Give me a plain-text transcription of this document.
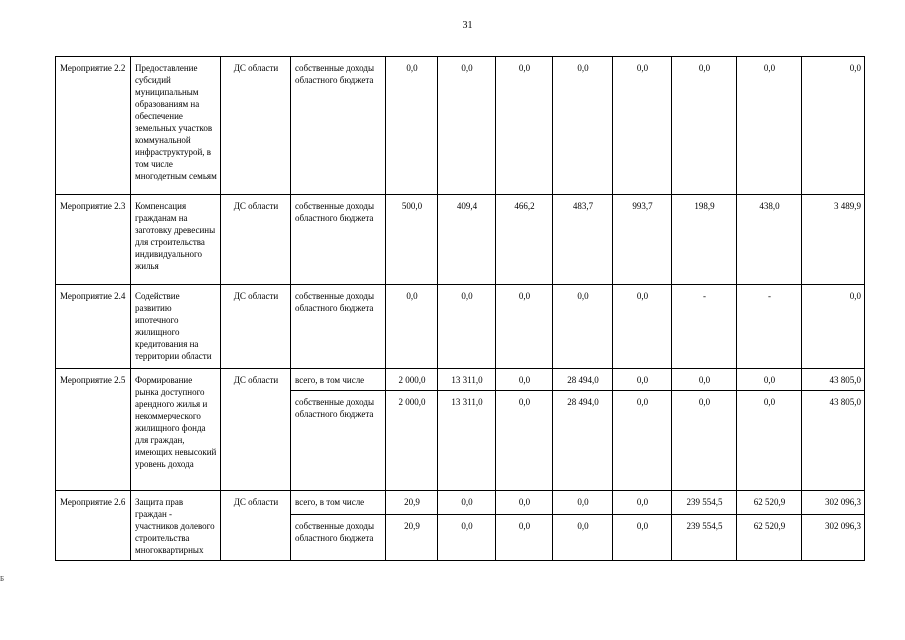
31
Мероприятие 2.2	Предоставление субсидий муниципальным образованиям на обеспечение земельных участков коммунальной инфраструктурой, в том числе многодетным семьям	ДС области	собственные доходы областного бюджета	0,0	0,0	0,0	0,0	0,0	0,0	0,0	0,0
Мероприятие 2.3	Компенсация гражданам на заготовку древесины для строительства индивидуального жилья	ДС области	собственные доходы областного бюджета	500,0	409,4	466,2	483,7	993,7	198,9	438,0	3 489,9
Мероприятие 2.4	Содействие развитию ипотечного жилищного кредитования на территории области	ДС области	собственные доходы областного бюджета	0,0	0,0	0,0	0,0	0,0	-	-	0,0
Мероприятие 2.5	Формирование рынка доступного арендного жилья и некоммерческого жилищного фонда для граждан, имеющих невысокий уровень дохода	ДС области	всего, в том числе	2 000,0	13 311,0	0,0	28 494,0	0,0	0,0	0,0	43 805,0
			собственные доходы областного бюджета	2 000,0	13 311,0	0,0	28 494,0	0,0	0,0	0,0	43 805,0
Мероприятие 2.6	Защита прав граждан - участников долевого строительства многоквартирных	ДС области	всего, в том числе	20,9	0,0	0,0	0,0	0,0	239 554,5	62 520,9	302 096,3
			собственные доходы областного бюджета	20,9	0,0	0,0	0,0	0,0	239 554,5	62 520,9	302 096,3
Б
